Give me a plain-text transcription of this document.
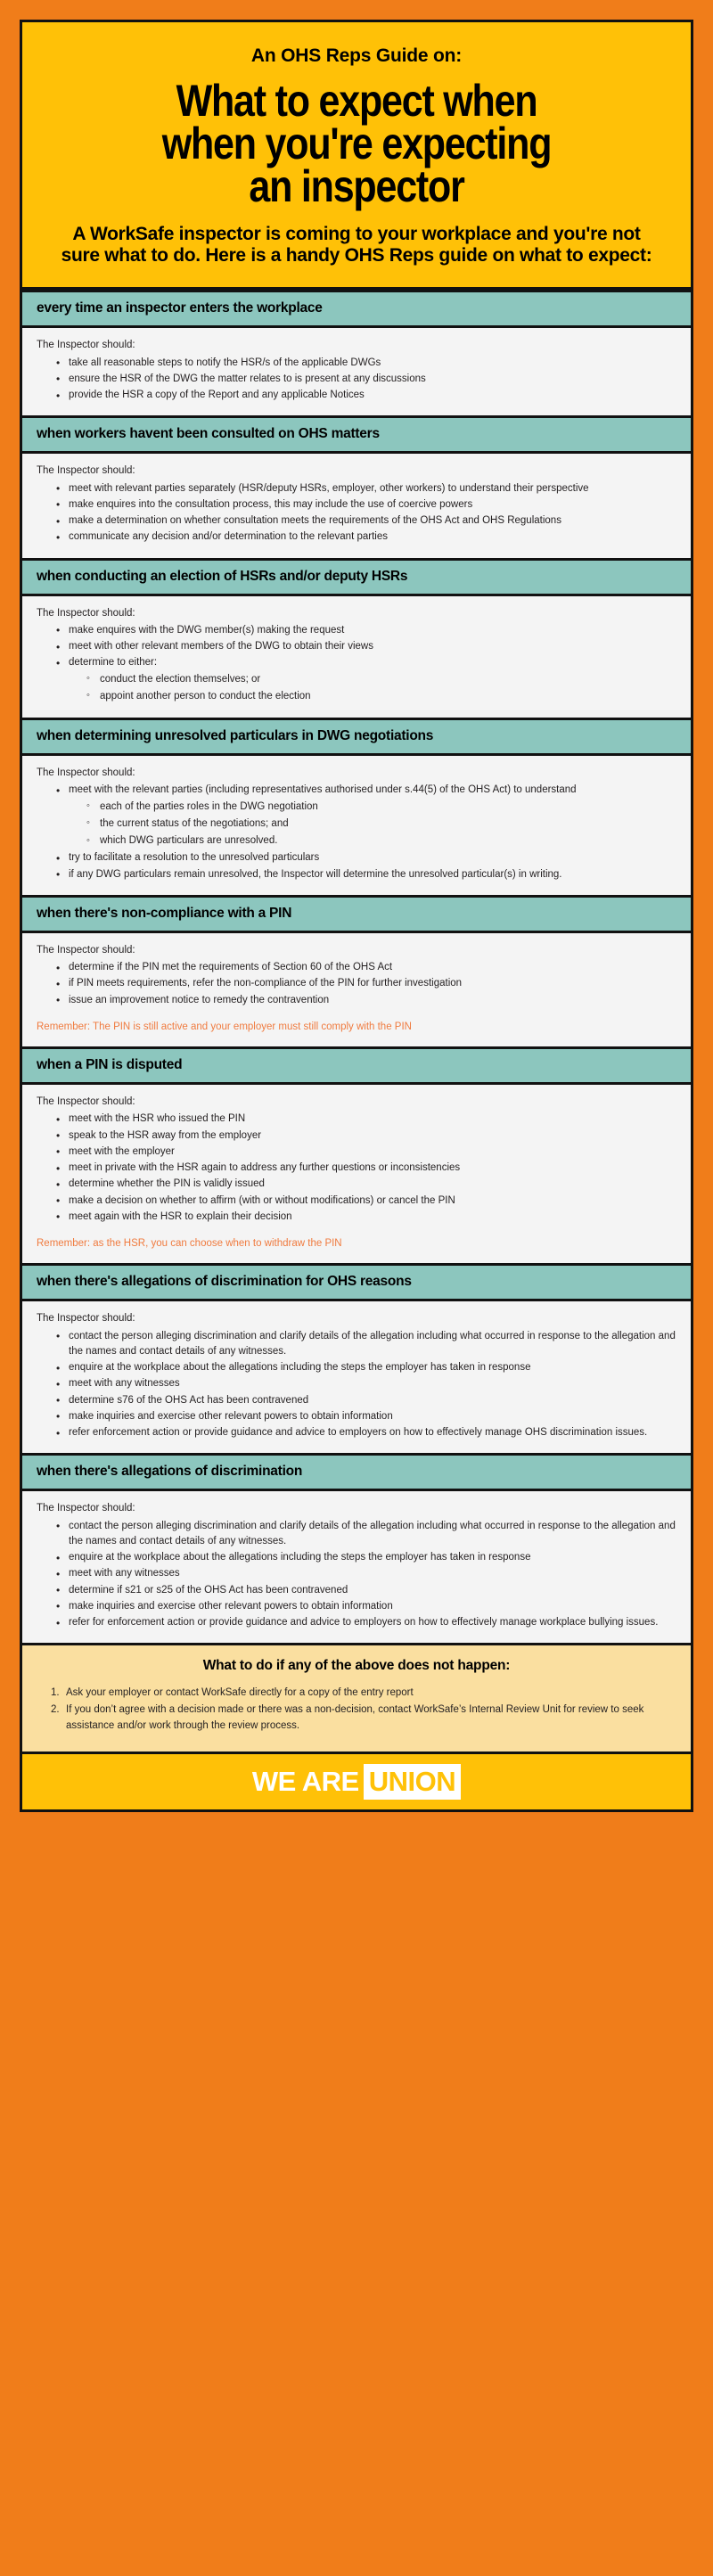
An OHS Reps Guide on:
What to expect when
when you're expecting
an inspector
A WorkSafe inspector is coming to your workplace and you're not sure what to do. Here is a handy OHS Reps guide on what to expect:
every time an inspector enters the workplace

The Inspector should:

• take all reasonable steps to notify the HSR/s of the applicable DWGs
• ensure the HSR of the DWG the matter relates to is present at any discussions
• provide the HSR a copy of the Report and any applicable Notices
when workers havent been consulted on OHS matters

The Inspector should:

• meet with relevant parties separately (HSR/deputy HSRs, employer, other workers) to understand their perspective
• make enquires into the consultation process, this may include the use of coercive powers
• make a determination on whether consultation meets the requirements of the OHS Act and OHS Regulations
• communicate any decision and/or determination to the relevant parties
when conducting an election of HSRs and/or deputy HSRs

The Inspector should:

• make enquires with the DWG member(s) making the request
• meet with other relevant members of the DWG to obtain their views
• determine to either:
◦ conduct the election themselves; or
◦ appoint another person to conduct the election
when determining unresolved particulars in DWG negotiations

The Inspector should:

• meet with the relevant parties (including representatives authorised under s.44(5) of the OHS Act) to understand
◦ each of the parties roles in the DWG negotiation
◦ the current status of the negotiations; and
◦ which DWG particulars are unresolved.
• try to facilitate a resolution to the unresolved particulars
• if any DWG particulars remain unresolved, the Inspector will determine the unresolved particular(s) in writing.
when there's non-compliance with a PIN

The Inspector should:

• determine if the PIN met the requirements of Section 60 of the OHS Act
• if PIN meets requirements, refer the non-compliance of the PIN for further investigation
• issue an improvement notice to remedy the contravention
Remember: The PIN is still active and your employer must still comply with the PIN
when a PIN is disputed

The Inspector should:

• meet with the HSR who issued the PIN
• speak to the HSR away from the employer
• meet with the employer
• meet in private with the HSR again to address any further questions or inconsistencies
• determine whether the PIN is validly issued
• make a decision on whether to affirm (with or without modifications) or cancel the PIN
• meet again with the HSR to explain their decision
Remember: as the HSR, you can choose when to withdraw the PIN
when there's allegations of discrimination for OHS reasons

The Inspector should:

• contact the person alleging discrimination and clarify details of the allegation including what occurred in response to the allegation and the names and contact details of any witnesses.
• enquire at the workplace about the allegations including the steps the employer has taken in response
• meet with any witnesses
• determine s76 of the OHS Act has been contravened
• make inquiries and exercise other relevant powers to obtain information
• refer enforcement action or provide guidance and advice to employers on how to effectively manage OHS discrimination issues.
when there's allegations of discrimination

The Inspector should:

• contact the person alleging discrimination and clarify details of the allegation including what occurred in response to the allegation and the names and contact details of any witnesses.
• enquire at the workplace about the allegations including the steps the employer has taken in response
• meet with any witnesses
• determine if s21 or s25 of the OHS Act has been contravened
• make inquiries and exercise other relevant powers to obtain information
• refer for enforcement action or provide guidance and advice to employers on how to effectively manage workplace bullying issues.
What to do if any of the above does not happen:
Ask your employer or contact WorkSafe directly for a copy of the entry report
If you don’t agree with a decision made or there was a non-decision, contact WorkSafe’s Internal Review Unit for review to seek assistance and/or work through the review process.
WE ARE UNION
